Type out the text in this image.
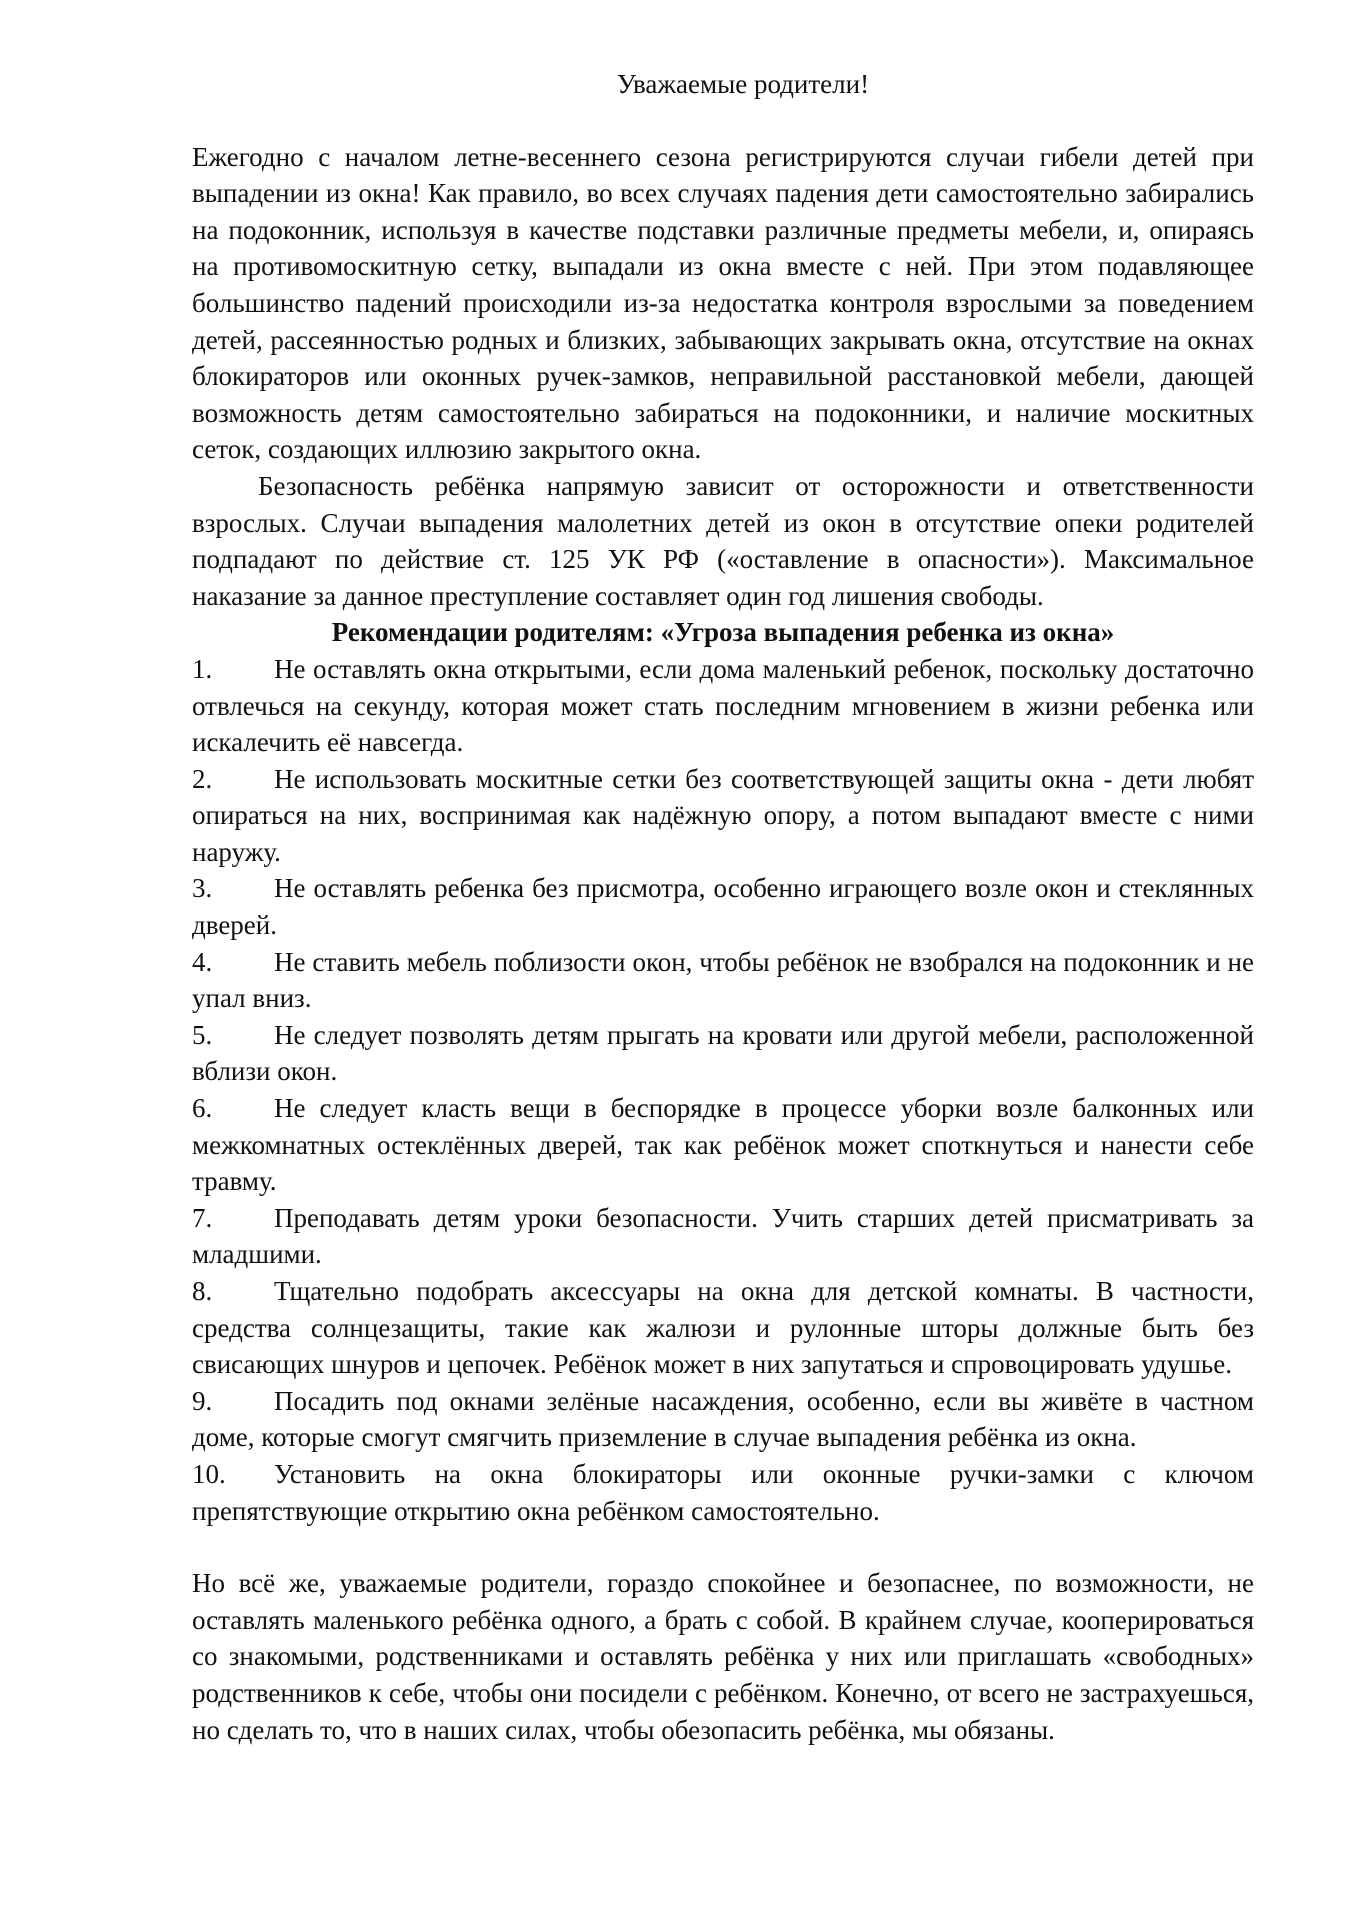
Уважаемые родители!

Ежегодно с началом летне-весеннего сезона регистрируются случаи гибели детей при выпадении из окна! Как правило, во всех случаях падения дети самостоятельно забирались на подоконник, используя в качестве подставки различные предметы мебели, и, опираясь на противомоскитную сетку, выпадали из окна вместе с ней. При этом подавляющее большинство падений происходили из-за недостатка контроля взрослыми за поведением детей, рассеянностью родных и близких, забывающих закрывать окна, отсутствие на окнах блокираторов или оконных ручек-замков, неправильной расстановкой мебели, дающей возможность детям самостоятельно забираться на подоконники, и наличие москитных сеток, создающих иллюзию закрытого окна.

Безопасность ребёнка напрямую зависит от осторожности и ответственности взрослых. Случаи выпадения малолетних детей из окон в отсутствие опеки родителей подпадают по действие ст. 125 УК РФ («оставление в опасности»). Максимальное наказание за данное преступление составляет один год лишения свободы.

Рекомендации родителям: «Угроза выпадения ребенка из окна»
1. Не оставлять окна открытыми, если дома маленький ребенок, поскольку достаточно отвлечься на секунду, которая может стать последним мгновением в жизни ребенка или искалечить её навсегда.
2. Не использовать москитные сетки без соответствующей защиты окна - дети любят опираться на них, воспринимая как надёжную опору, а потом выпадают вместе с ними наружу.
3. Не оставлять ребенка без присмотра, особенно играющего возле окон и стеклянных дверей.
4. Не ставить мебель поблизости окон, чтобы ребёнок не взобрался на подоконник и не упал вниз.
5. Не следует позволять детям прыгать на кровати или другой мебели, расположенной вблизи окон.
6. Не следует класть вещи в беспорядке в процессе уборки возле балконных или межкомнатных остеклённых дверей, так как ребёнок может споткнуться и нанести себе травму.
7. Преподавать детям уроки безопасности. Учить старших детей присматривать за младшими.
8. Тщательно подобрать аксессуары на окна для детской комнаты. В частности, средства солнцезащиты, такие как жалюзи и рулонные шторы должные быть без свисающих шнуров и цепочек. Ребёнок может в них запутаться и спровоцировать удушье.
9. Посадить под окнами зелёные насаждения, особенно, если вы живёте в частном доме, которые смогут смягчить приземление в случае выпадения ребёнка из окна.
10. Установить на окна блокираторы или оконные ручки-замки с ключом препятствующие открытию окна ребёнком самостоятельно.

Но всё же, уважаемые родители, гораздо спокойнее и безопаснее, по возможности, не оставлять маленького ребёнка одного, а брать с собой. В крайнем случае, кооперироваться со знакомыми, родственниками и оставлять ребёнка у них или приглашать «свободных» родственников к себе, чтобы они посидели с ребёнком. Конечно, от всего не застрахуешься, но сделать то, что в наших силах, чтобы обезопасить ребёнка, мы обязаны.
